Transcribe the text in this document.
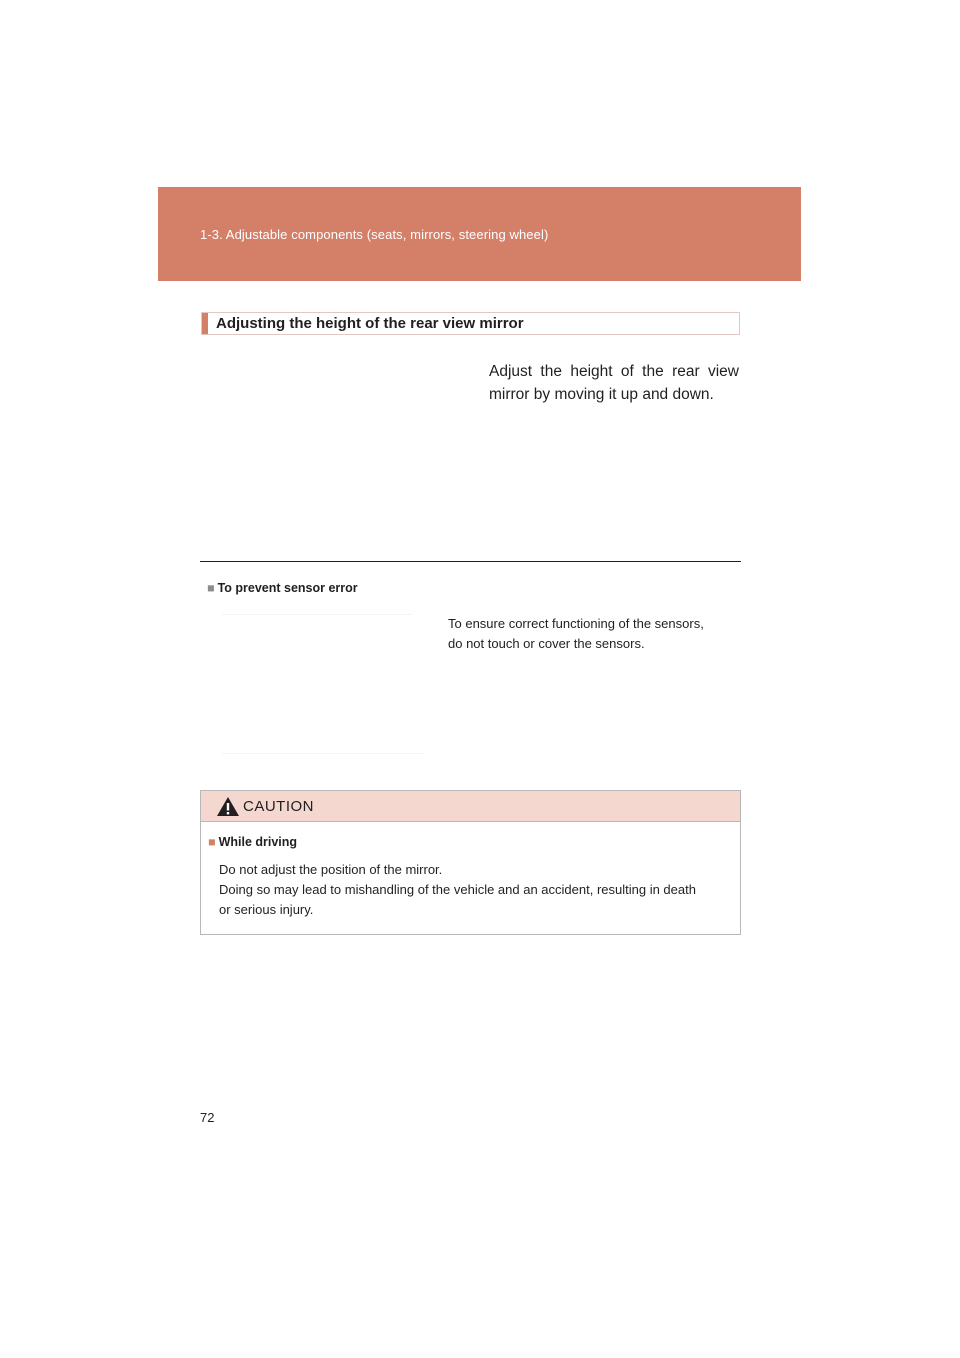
1-3. Adjustable components (seats, mirrors, steering wheel)
Adjusting the height of the rear view mirror
Adjust the height of the rear view
mirror by moving it up and down.
■ To prevent sensor error
To ensure correct functioning of the sensors,
do not touch or cover the sensors.
CAUTION
■ While driving
Do not adjust the position of the mirror.
Doing so may lead to mishandling of the vehicle and an accident, resulting in death
or serious injury.
72
